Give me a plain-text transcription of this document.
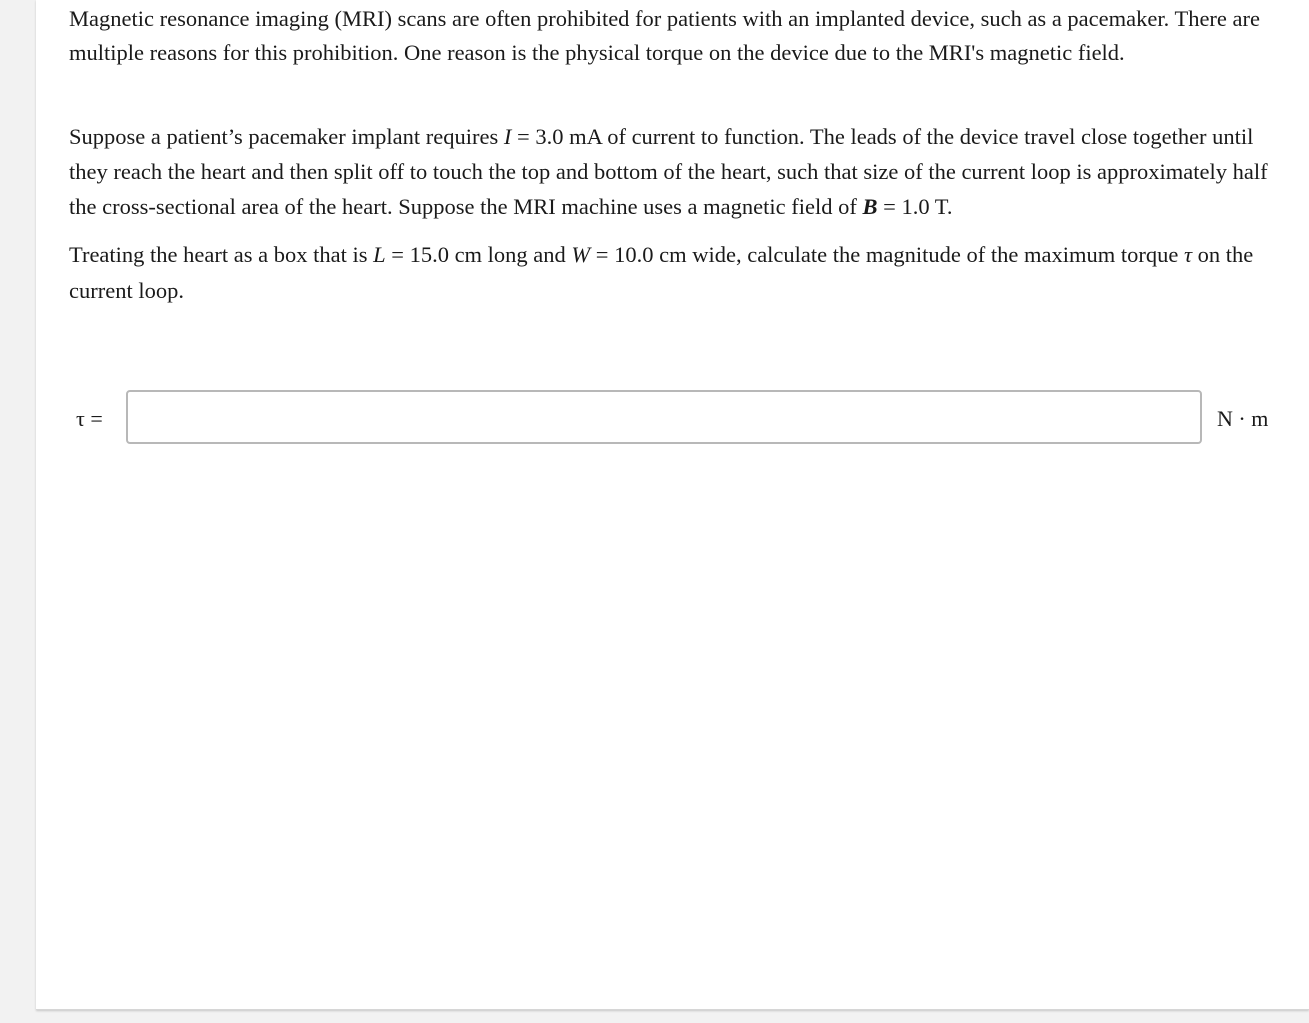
Magnetic resonance imaging (MRI) scans are often prohibited for patients with an implanted device, such as a pacemaker. There are multiple reasons for this prohibition. One reason is the physical torque on the device due to the MRI's magnetic field.

Suppose a patient’s pacemaker implant requires I = 3.0 mA of current to function. The leads of the device travel close together until they reach the heart and then split off to touch the top and bottom of the heart, such that size of the current loop is approximately half the cross-sectional area of the heart. Suppose the MRI machine uses a magnetic field of B = 1.0 T.

Treating the heart as a box that is L = 15.0 cm long and W = 10.0 cm wide, calculate the magnitude of the maximum torque τ on the current loop.

τ =	N · m
